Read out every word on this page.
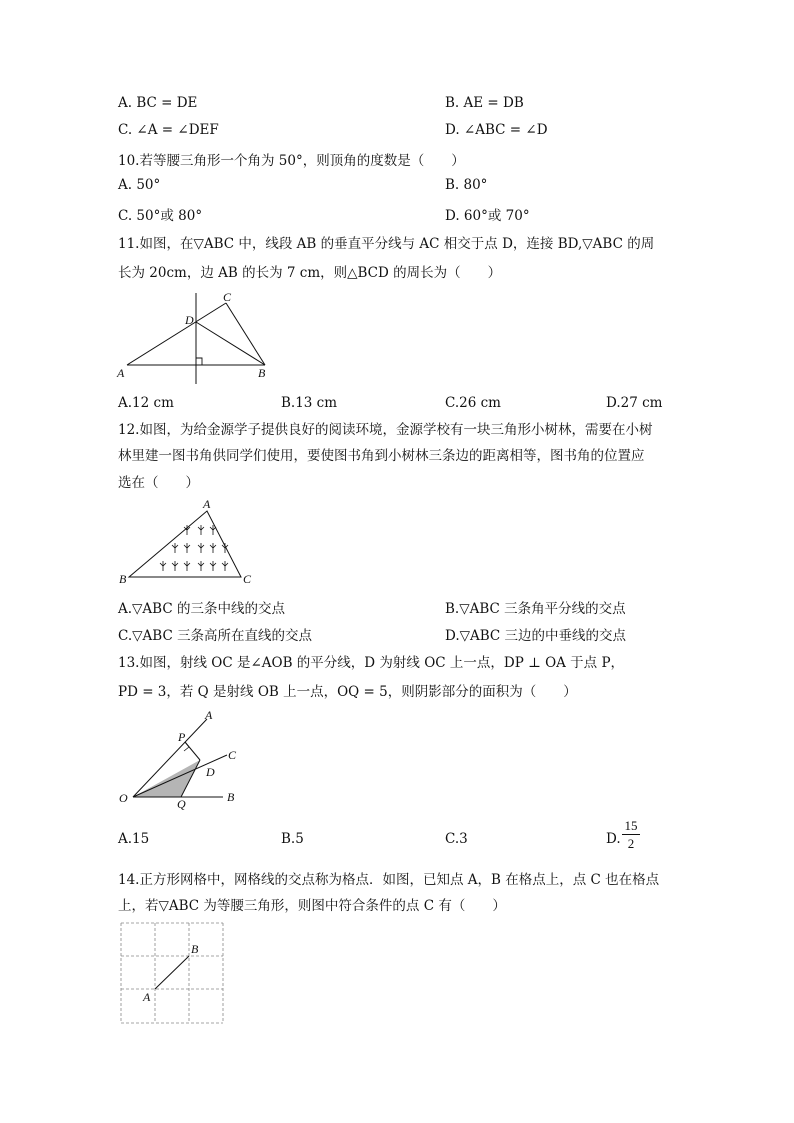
A. BC = DE	B. AE = DB
C. ∠A = ∠DEF	D. ∠ABC = ∠D
10.若等腰三角形一个角为 50°，则顶角的度数是（　　）
A. 50°	B. 80°
C. 50°或 80°	D. 60°或 70°
11.如图，在▽ABC 中，线段 AB 的垂直平分线与 AC 相交于点 D，连接 BD,▽ABC 的周
长为 20cm，边 AB 的长为 7 cm，则△BCD 的周长为（　　）
A	B
C
D
A.12 cm	B.13 cm	C.26 cm	D.27 cm
12.如图，为给金源学子提供良好的阅读环境，金源学校有一块三角形小树林，需要在小树
林里建一图书角供同学们使用，要使图书角到小树林三条边的距离相等，图书角的位置应
选在（　　）
B
A
C
A.▽ABC 的三条中线的交点	B.▽ABC 三条角平分线的交点
C.▽ABC 三条高所在直线的交点	D.▽ABC 三边的中垂线的交点
13.如图，射线 OC 是∠AOB 的平分线，D 为射线 OC 上一点，DP ⊥ OA 于点 P，
PD = 3，若 Q 是射线 OB 上一点，OQ = 5，则阴影部分的面积为（　　）
O
A
B
C
D
P
Q
A.15	B.5	C.3	D. $\frac{15}{2}$
14.正方形网格中，网格线的交点称为格点．如图，已知点 A，B 在格点上，点 C 也在格点
上，若▽ABC 为等腰三角形，则图中符合条件的点 C 有（　　）
A
B
